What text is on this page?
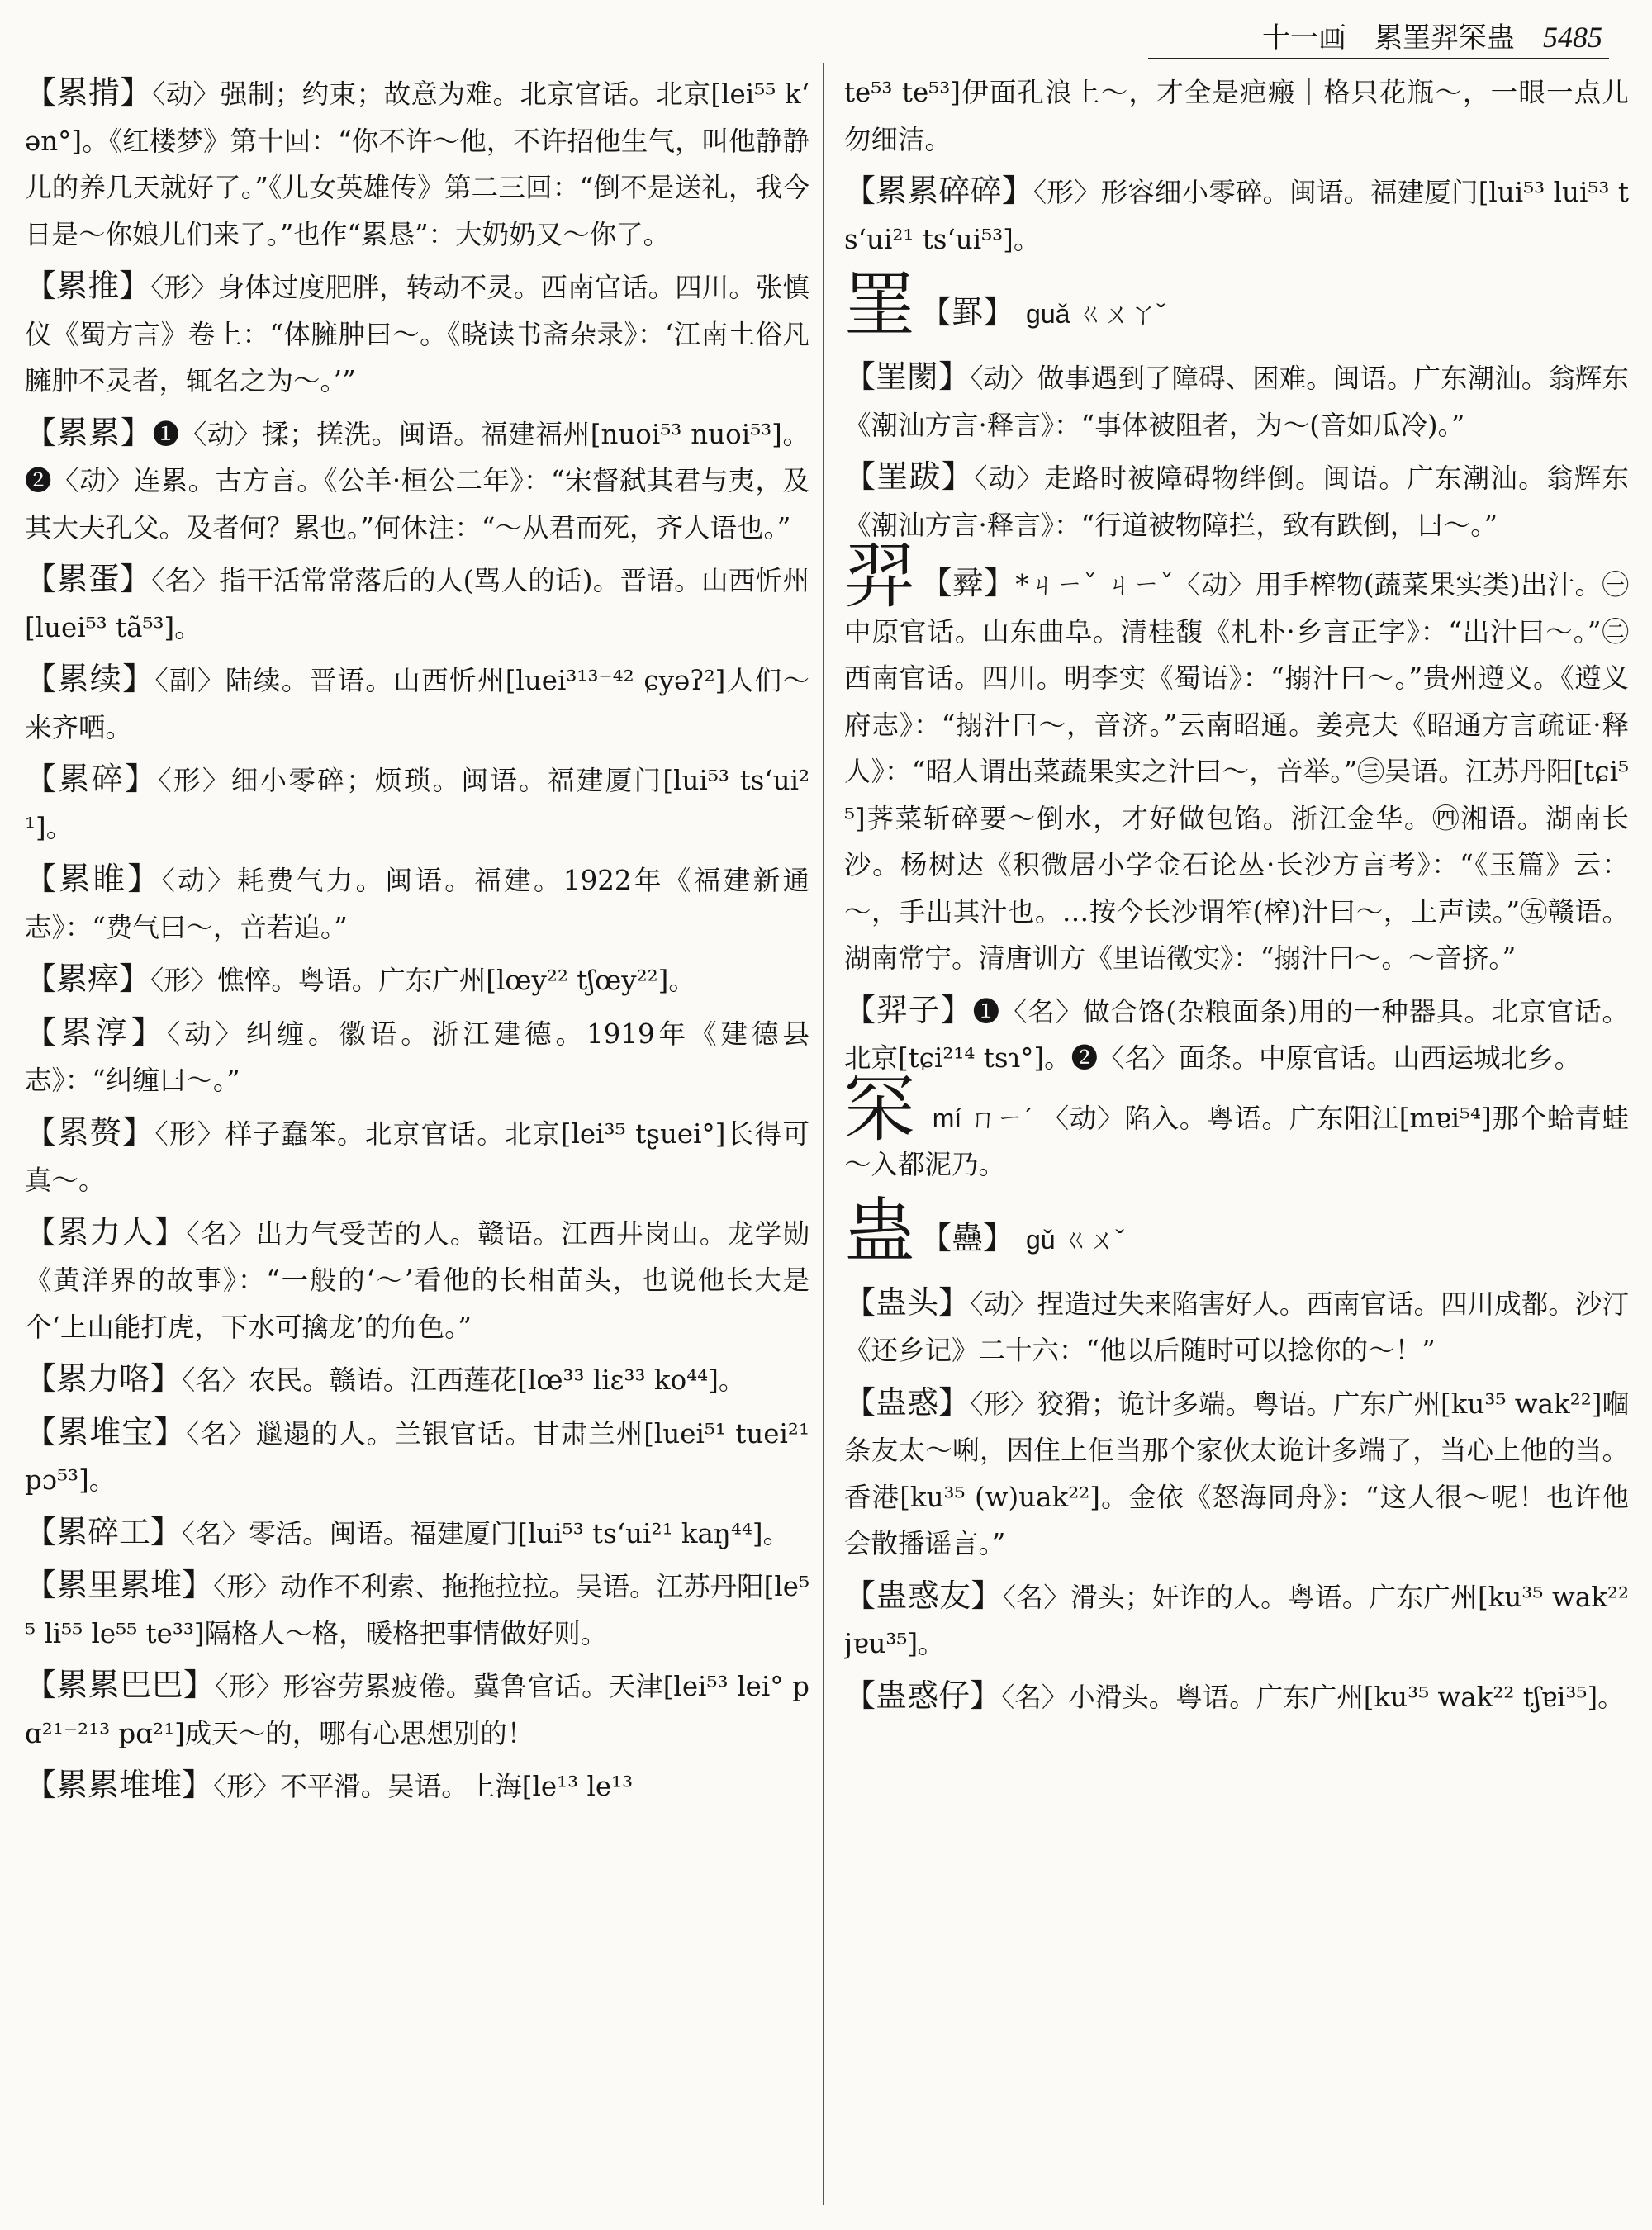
十一画 累罣羿罙蛊 5485
【累掯】〈动〉强制；约束；故意为难。北京官话。北京[lei⁵⁵ kʻən°]。《红楼梦》第十回：“你不许～他，不许招他生气，叫他静静儿的养几天就好了。”《儿女英雄传》第二三回：“倒不是送礼，我今日是～你娘儿们来了。”也作“累恳”：大奶奶又～你了。
【累推】〈形〉身体过度肥胖，转动不灵。西南官话。四川。张慎仪《蜀方言》卷上：“体臃肿曰～。《晓读书斋杂录》：‘江南土俗凡臃肿不灵者，辄名之为～。’”
【累累】❶〈动〉揉；搓洗。闽语。福建福州[nuoi⁵³ nuoi⁵³]。❷〈动〉连累。古方言。《公羊·桓公二年》：“宋督弑其君与夷，及其大夫孔父。及者何？累也。”何休注：“～从君而死，齐人语也。”
【累蛋】〈名〉指干活常常落后的人(骂人的话)。晋语。山西忻州[luei⁵³ tã⁵³]。
【累续】〈副〉陆续。晋语。山西忻州[luei³¹³⁻⁴² ɕyəʔ²]人们～来齐哂。
【累碎】〈形〉细小零碎；烦琐。闽语。福建厦门[lui⁵³ tsʻui²¹]。
【累睢】〈动〉耗费气力。闽语。福建。1922年《福建新通志》：“费气曰～，音若追。”
【累瘁】〈形〉憔悴。粤语。广东广州[lœy²² tʃœy²²]。
【累淳】〈动〉纠缠。徽语。浙江建德。1919年《建德县志》：“纠缠曰～。”
【累赘】〈形〉样子蠢笨。北京官话。北京[lei³⁵ tʂuei°]长得可真～。
【累力人】〈名〉出力气受苦的人。赣语。江西井岗山。龙学勋《黄洋界的故事》：“一般的‘～’看他的长相苗头，也说他长大是个‘上山能打虎，下水可擒龙’的角色。”
【累力咯】〈名〉农民。赣语。江西莲花[lœ³³ liɛ³³ ko⁴⁴]。
【累堆宝】〈名〉邋遢的人。兰银官话。甘肃兰州[luei⁵¹ tuei²¹ pɔ⁵³]。
【累碎工】〈名〉零活。闽语。福建厦门[lui⁵³ tsʻui²¹ kaŋ⁴⁴]。
【累里累堆】〈形〉动作不利索、拖拖拉拉。吴语。江苏丹阳[le⁵⁵ li⁵⁵ le⁵⁵ te³³]隔格人～格，暖格把事情做好则。
【累累巴巴】〈形〉形容劳累疲倦。冀鲁官话。天津[lei⁵³ lei° pɑ²¹⁻²¹³ pɑ²¹]成天～的，哪有心思想别的！
【累累堆堆】〈形〉不平滑。吴语。上海[le¹³ le¹³
te⁵³ te⁵³]伊面孔浪上～，才全是疤瘢｜格只花瓶～，一眼一点儿勿细洁。
【累累碎碎】〈形〉形容细小零碎。闽语。福建厦门[lui⁵³ lui⁵³ tsʻui²¹ tsʻui⁵³]。
罣 【罫】 guǎ ㄍㄨㄚˇ
【罣閡】〈动〉做事遇到了障碍、困难。闽语。广东潮汕。翁辉东《潮汕方言·释言》：“事体被阻者，为～(音如瓜冷)。”
【罣跋】〈动〉走路时被障碍物绊倒。闽语。广东潮汕。翁辉东《潮汕方言·释言》：“行道被物障拦，致有跌倒，曰～。”
羿 【彛】*ㄐㄧˇ ㄐㄧˇ〈动〉用手榨物(蔬菜果实类)出汁。㊀中原官话。山东曲阜。清桂馥《札朴·乡言正字》：“出汁曰～。”㊁西南官话。四川。明李实《蜀语》：“搦汁曰～。”贵州遵义。《遵义府志》：“搦汁曰～，音济。”云南昭通。姜亮夫《昭通方言疏证·释人》：“昭人谓出菜蔬果实之汁曰～，音举。”㊂吴语。江苏丹阳[tɕi⁵⁵]荠菜斩碎要～倒水，才好做包馅。浙江金华。㊃湘语。湖南长沙。杨树达《积微居小学金石论丛·长沙方言考》：“《玉篇》云：～，手出其汁也。…按今长沙谓笮(榨)汁曰～，上声读。”㊄赣语。湖南常宁。清唐训方《里语徵实》：“搦汁曰～。～音挤。”
【羿子】❶〈名〉做合饹(杂粮面条)用的一种器具。北京官话。北京[tɕi²¹⁴ tsɿ°]。❷〈名〉面条。中原官话。山西运城北乡。
罙mí ㄇㄧˊ 〈动〉陷入。粤语。广东阳江[mɐi⁵⁴]那个蛤青蛙～入都泥乃。
蛊 【蠱】 gǔ ㄍㄨˇ
【蛊头】〈动〉捏造过失来陷害好人。西南官话。四川成都。沙汀《还乡记》二十六：“他以后随时可以捻你的～！”
【蛊惑】〈形〉狡猾；诡计多端。粤语。广东广州[ku³⁵ wak²²]嗰条友太～唎，因住上佢当那个家伙太诡计多端了，当心上他的当。香港[ku³⁵ (w)uak²²]。金依《怒海同舟》：“这人很～呢！也许他会散播谣言。”
【蛊惑友】〈名〉滑头；奸诈的人。粤语。广东广州[ku³⁵ wak²² jɐu³⁵]。
【蛊惑仔】〈名〉小滑头。粤语。广东广州[ku³⁵ wak²² tʃɐi³⁵]。
